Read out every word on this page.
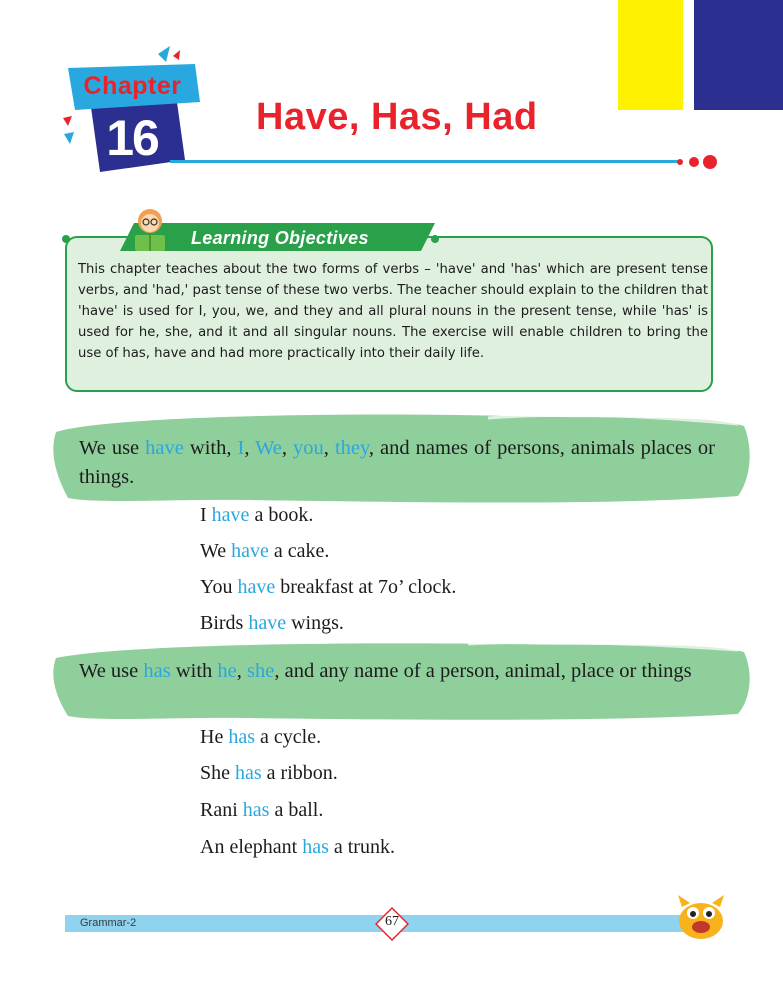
Chapter
16	Have, Has, Had
Learning Objectives
This chapter teaches about the two forms of verbs – 'have' and 'has' which are present tense verbs, and 'had,' past tense of these two verbs. The teacher should explain to the children that 'have' is used for I, you, we, and they and all plural nouns in the present tense, while 'has' is used for he, she, and it and all singular nouns. The exercise will enable children to bring the use of has, have and had more practically into their daily life.
We use have with, I, We, you, they, and names of persons, animals places or things.
I have a book.
We have a cake.
You have breakfast at 7o’ clock.
Birds have wings.
We use has with he, she, and any name of a person, animal, place or things
He has a cycle.
She has a ribbon.
Rani has a ball.
An elephant has a trunk.
Grammar-2	67
